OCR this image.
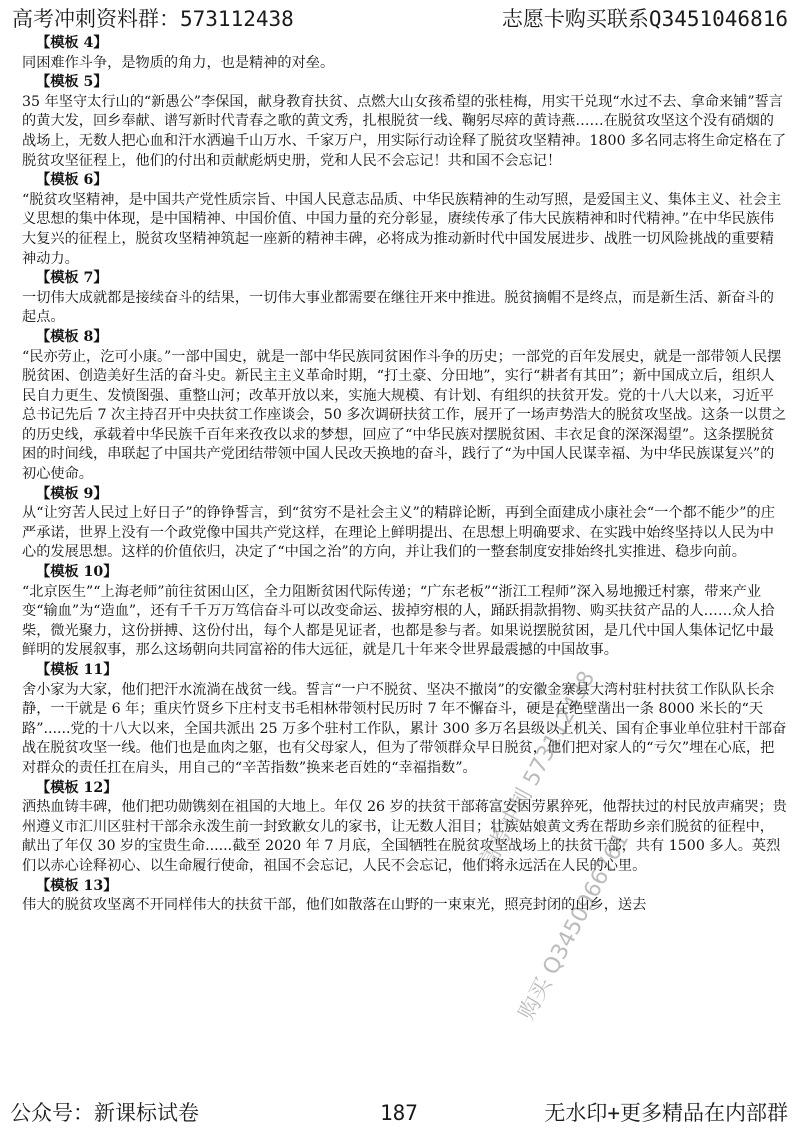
高考冲刺资料群：573112438	志愿卡购买联系Q3451046816
【模板 4】
同困难作斗争，是物质的角力，也是精神的对垒。
【模板 5】
35 年坚守太行山的“新愚公”李保国，献身教育扶贫、点燃大山女孩希望的张桂梅，用实干兑现“水过不去、拿命来铺”誓言的黄大发，回乡奉献、谱写新时代青春之歌的黄文秀，扎根脱贫一线、鞠躬尽瘁的黄诗燕……在脱贫攻坚这个没有硝烟的战场上，无数人把心血和汗水洒遍千山万水、千家万户，用实际行动诠释了脱贫攻坚精神。1800 多名同志将生命定格在了脱贫攻坚征程上，他们的付出和贡献彪炳史册，党和人民不会忘记！共和国不会忘记！
【模板 6】
“脱贫攻坚精神，是中国共产党性质宗旨、中国人民意志品质、中华民族精神的生动写照，是爱国主义、集体主义、社会主义思想的集中体现，是中国精神、中国价值、中国力量的充分彰显，赓续传承了伟大民族精神和时代精神。”在中华民族伟大复兴的征程上，脱贫攻坚精神筑起一座新的精神丰碑，必将成为推动新时代中国发展进步、战胜一切风险挑战的重要精神动力。
【模板 7】
一切伟大成就都是接续奋斗的结果，一切伟大事业都需要在继往开来中推进。脱贫摘帽不是终点，而是新生活、新奋斗的起点。
【模板 8】
“民亦劳止，汔可小康。”一部中国史，就是一部中华民族同贫困作斗争的历史；一部党的百年发展史，就是一部带领人民摆脱贫困、创造美好生活的奋斗史。新民主主义革命时期，“打土豪、分田地”，实行“耕者有其田”；新中国成立后，组织人民自力更生、发愤图强、重整山河；改革开放以来，实施大规模、有计划、有组织的扶贫开发。党的十八大以来，习近平总书记先后 7 次主持召开中央扶贫工作座谈会，50 多次调研扶贫工作，展开了一场声势浩大的脱贫攻坚战。这条一以贯之的历史线，承载着中华民族千百年来孜孜以求的梦想，回应了“中华民族对摆脱贫困、丰衣足食的深深渴望”。这条摆脱贫困的时间线，串联起了中国共产党团结带领中国人民改天换地的奋斗，践行了“为中国人民谋幸福、为中华民族谋复兴”的初心使命。
【模板 9】
从“让穷苦人民过上好日子”的铮铮誓言，到“贫穷不是社会主义”的精辟论断，再到全面建成小康社会“一个都不能少”的庄严承诺，世界上没有一个政党像中国共产党这样，在理论上鲜明提出、在思想上明确要求、在实践中始终坚持以人民为中心的发展思想。这样的价值依归，决定了“中国之治”的方向，并让我们的一整套制度安排始终扎实推进、稳步向前。
【模板 10】
“北京医生”“上海老师”前往贫困山区，全力阻断贫困代际传递；“广东老板”“浙江工程师”深入易地搬迁村寨，带来产业变“输血”为“造血”，还有千千万万笃信奋斗可以改变命运、拔掉穷根的人，踊跃捐款捐物、购买扶贫产品的人……众人拾柴，微光聚力，这份拼搏、这份付出，每个人都是见证者，也都是参与者。如果说摆脱贫困，是几代中国人集体记忆中最鲜明的发展叙事，那么这场朝向共同富裕的伟大远征，就是几十年来令世界最震撼的中国故事。
【模板 11】
舍小家为大家，他们把汗水流淌在战贫一线。誓言“一户不脱贫、坚决不撤岗”的安徽金寨县大湾村驻村扶贫工作队队长余静，一干就是 6 年；重庆竹贤乡下庄村支书毛相林带领村民历时 7 年不懈奋斗，硬是在绝壁凿出一条 8000 米长的“天路”......党的十八大以来，全国共派出 25 万多个驻村工作队，累计 300 多万名县级以上机关、国有企事业单位驻村干部奋战在脱贫攻坚一线。他们也是血肉之躯，也有父母家人，但为了带领群众早日脱贫，他们把对家人的“亏欠”埋在心底，把对群众的责任扛在肩头，用自己的“辛苦指数”换来老百姓的“幸福指数”。
【模板 12】
洒热血铸丰碑，他们把功勋镌刻在祖国的大地上。年仅 26 岁的扶贫干部蒋富安因劳累猝死，他帮扶过的村民放声痛哭；贵州遵义市汇川区驻村干部余永泼生前一封致歉女儿的家书，让无数人泪目；壮族姑娘黄文秀在帮助乡亲们脱贫的征程中，献出了年仅 30 岁的宝贵生命......截至 2020 年 7 月底，全国牺牲在脱贫攻坚战场上的扶贫干部，共有 1500 多人。英烈们以赤心诠释初心、以生命履行使命，祖国不会忘记，人民不会忘记，他们将永远活在人民的心里。
【模板 13】
伟大的脱贫攻坚离不开同样伟大的扶贫干部，他们如散落在山野的一束束光，照亮封闭的山乡，送去
高考冲刺 573112438
购买 Q3450966761
公众号：新课标试卷	187	无水印+更多精品在内部群
